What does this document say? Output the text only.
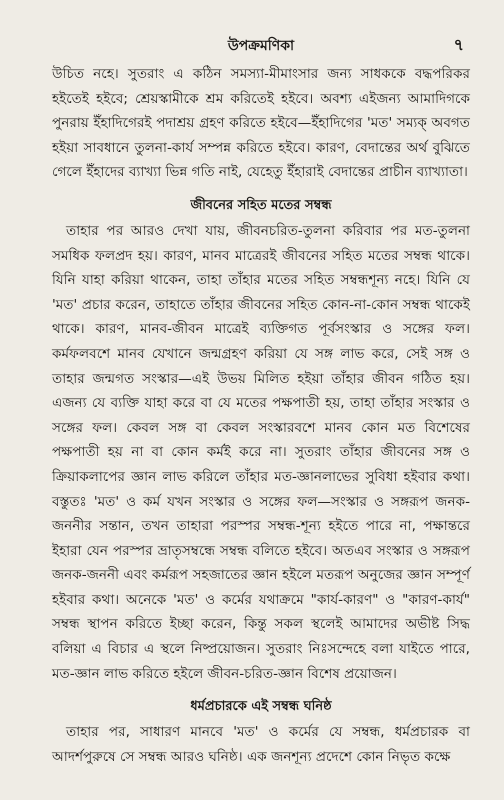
উপক্রমণিকা	৭

উচিত নহে। সুতরাং এ কঠিন সমস্যা-মীমাংসার জন্য সাধককে বদ্ধপরিকর হইতেই হইবে; শ্রেয়স্কামীকে শ্রম করিতেই হইবে। অবশ্য এইজন্য আমাদিগকে পুনরায় ইঁহাদিগেরই পদাশ্রয় গ্রহণ করিতে হইবে—ইঁহাদিগের 'মত' সম্যক্ অবগত হইয়া সাবধানে তুলনা-কার্য সম্পন্ন করিতে হইবে। কারণ, বেদান্তের অর্থ বুঝিতে গেলে ইঁহাদের ব্যাখ্যা ভিন্ন গতি নাই, যেহেতু ইঁহারাই বেদান্তের প্রাচীন ব্যাখ্যাতা।

জীবনের সহিত মতের সম্বন্ধ

তাহার পর আরও দেখা যায়, জীবনচরিত-তুলনা করিবার পর মত-তুলনা সমধিক ফলপ্রদ হয়। কারণ, মানব মাত্রেরই জীবনের সহিত মতের সম্বন্ধ থাকে। যিনি যাহা করিয়া থাকেন, তাহা তাঁহার মতের সহিত সম্বন্ধশূন্য নহে। যিনি যে 'মত' প্রচার করেন, তাহাতে তাঁহার জীবনের সহিত কোন-না-কোন সম্বন্ধ থাকেই থাকে। কারণ, মানব-জীবন মাত্রেই ব্যক্তিগত পূর্বসংস্কার ও সঙ্গের ফল। কর্মফলবশে মানব যেখানে জন্মগ্রহণ করিয়া যে সঙ্গ লাভ করে, সেই সঙ্গ ও তাহার জন্মগত সংস্কার—এই উভয় মিলিত হইয়া তাঁহার জীবন গঠিত হয়। এজন্য যে ব্যক্তি যাহা করে বা যে মতের পক্ষপাতী হয়, তাহা তাঁহার সংস্কার ও সঙ্গের ফল। কেবল সঙ্গ বা কেবল সংস্কারবশে মানব কোন মত বিশেষের পক্ষপাতী হয় না বা কোন কর্মই করে না। সুতরাং তাঁহার জীবনের সঙ্গ ও ক্রিয়াকলাপের জ্ঞান লাভ করিলে তাঁহার মত-জ্ঞানলাভের সুবিধা হইবার কথা। বস্তুতঃ 'মত' ও কর্ম যখন সংস্কার ও সঙ্গের ফল—সংস্কার ও সঙ্গরূপ জনক-জননীর সন্তান, তখন তাহারা পরস্পর সম্বন্ধ-শূন্য হইতে পারে না, পক্ষান্তরে ইহারা যেন পরস্পর ভ্রাতৃসম্বন্ধে সম্বন্ধ বলিতে হইবে। অতএব সংস্কার ও সঙ্গরূপ জনক-জননী এবং কর্মরূপ সহজাতের জ্ঞান হইলে মতরূপ অনুজের জ্ঞান সম্পূর্ণ হইবার কথা। অনেকে 'মত' ও কর্মের যথাক্রমে "কার্য-কারণ" ও "কারণ-কার্য" সম্বন্ধ স্থাপন করিতে ইচ্ছা করেন, কিন্তু সকল স্থলেই আমাদের অভীষ্ট সিদ্ধ বলিয়া এ বিচার এ স্থলে নিষ্প্রয়োজন। সুতরাং নিঃসন্দেহে বলা যাইতে পারে, মত-জ্ঞান লাভ করিতে হইলে জীবন-চরিত-জ্ঞান বিশেষ প্রয়োজন।

ধর্মপ্রচারকে এই সম্বন্ধ ঘনিষ্ঠ

তাহার পর, সাধারণ মানবে 'মত' ও কর্মের যে সম্বন্ধ, ধর্মপ্রচারক বা আদর্শপুরুষে সে সম্বন্ধ আরও ঘনিষ্ঠ। এক জনশূন্য প্রদেশে কোন নিভৃত কক্ষে
